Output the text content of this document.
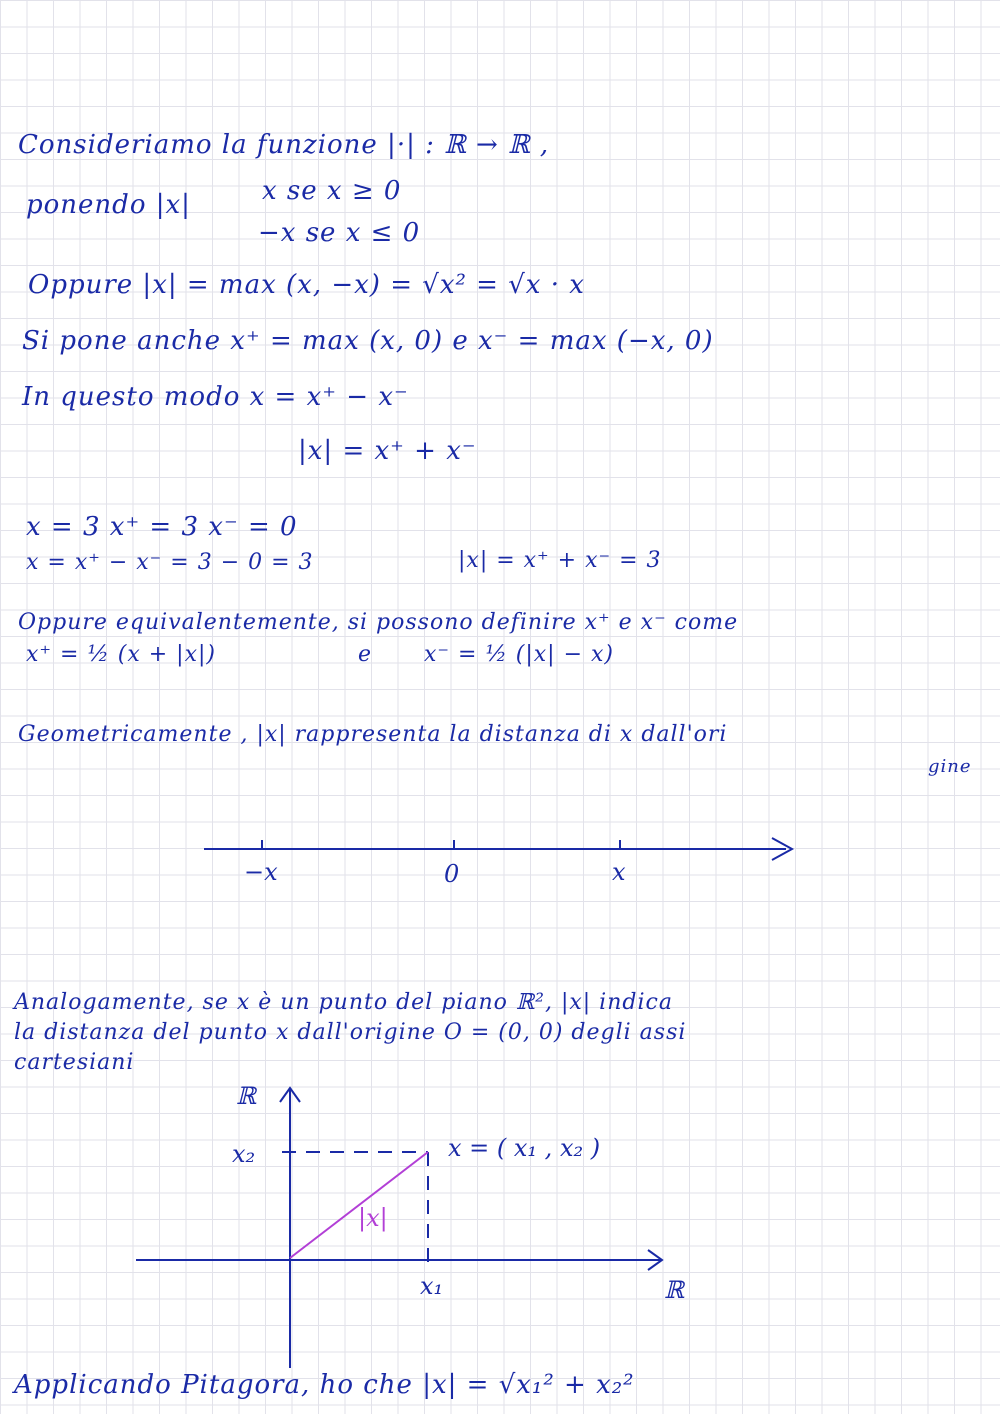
Consideriamo la funzione |·| : ℝ → ℝ ,
ponendo |x|	x se x ≥ 0
−x se x ≤ 0
Oppure |x| = max (x, −x) = √x² = √x · x
Si pone anche x⁺ = max (x, 0) e x⁻ = max (−x, 0)
In questo modo x = x⁺ − x⁻
|x| = x⁺ + x⁻
x = 3 x⁺ = 3 x⁻ = 0
x = x⁺ − x⁻ = 3 − 0 = 3	|x| = x⁺ + x⁻ = 3
Oppure equivalentemente, si possono definire x⁺ e x⁻ come
x⁺ = ½ (x + |x|)	e x⁻ = ½ (|x| − x)
Geometricamente , |x| rappresenta la distanza di x dall'ori
gine
−x	0	x
Analogamente, se x è un punto del piano ℝ², |x| indica
la distanza del punto x dall'origine O = (0, 0) degli assi
cartesiani
ℝ
x₂	x = ( x₁ , x₂ )
|x|
x₁	ℝ
Applicando Pitagora, ho che |x| = √x₁² + x₂²
